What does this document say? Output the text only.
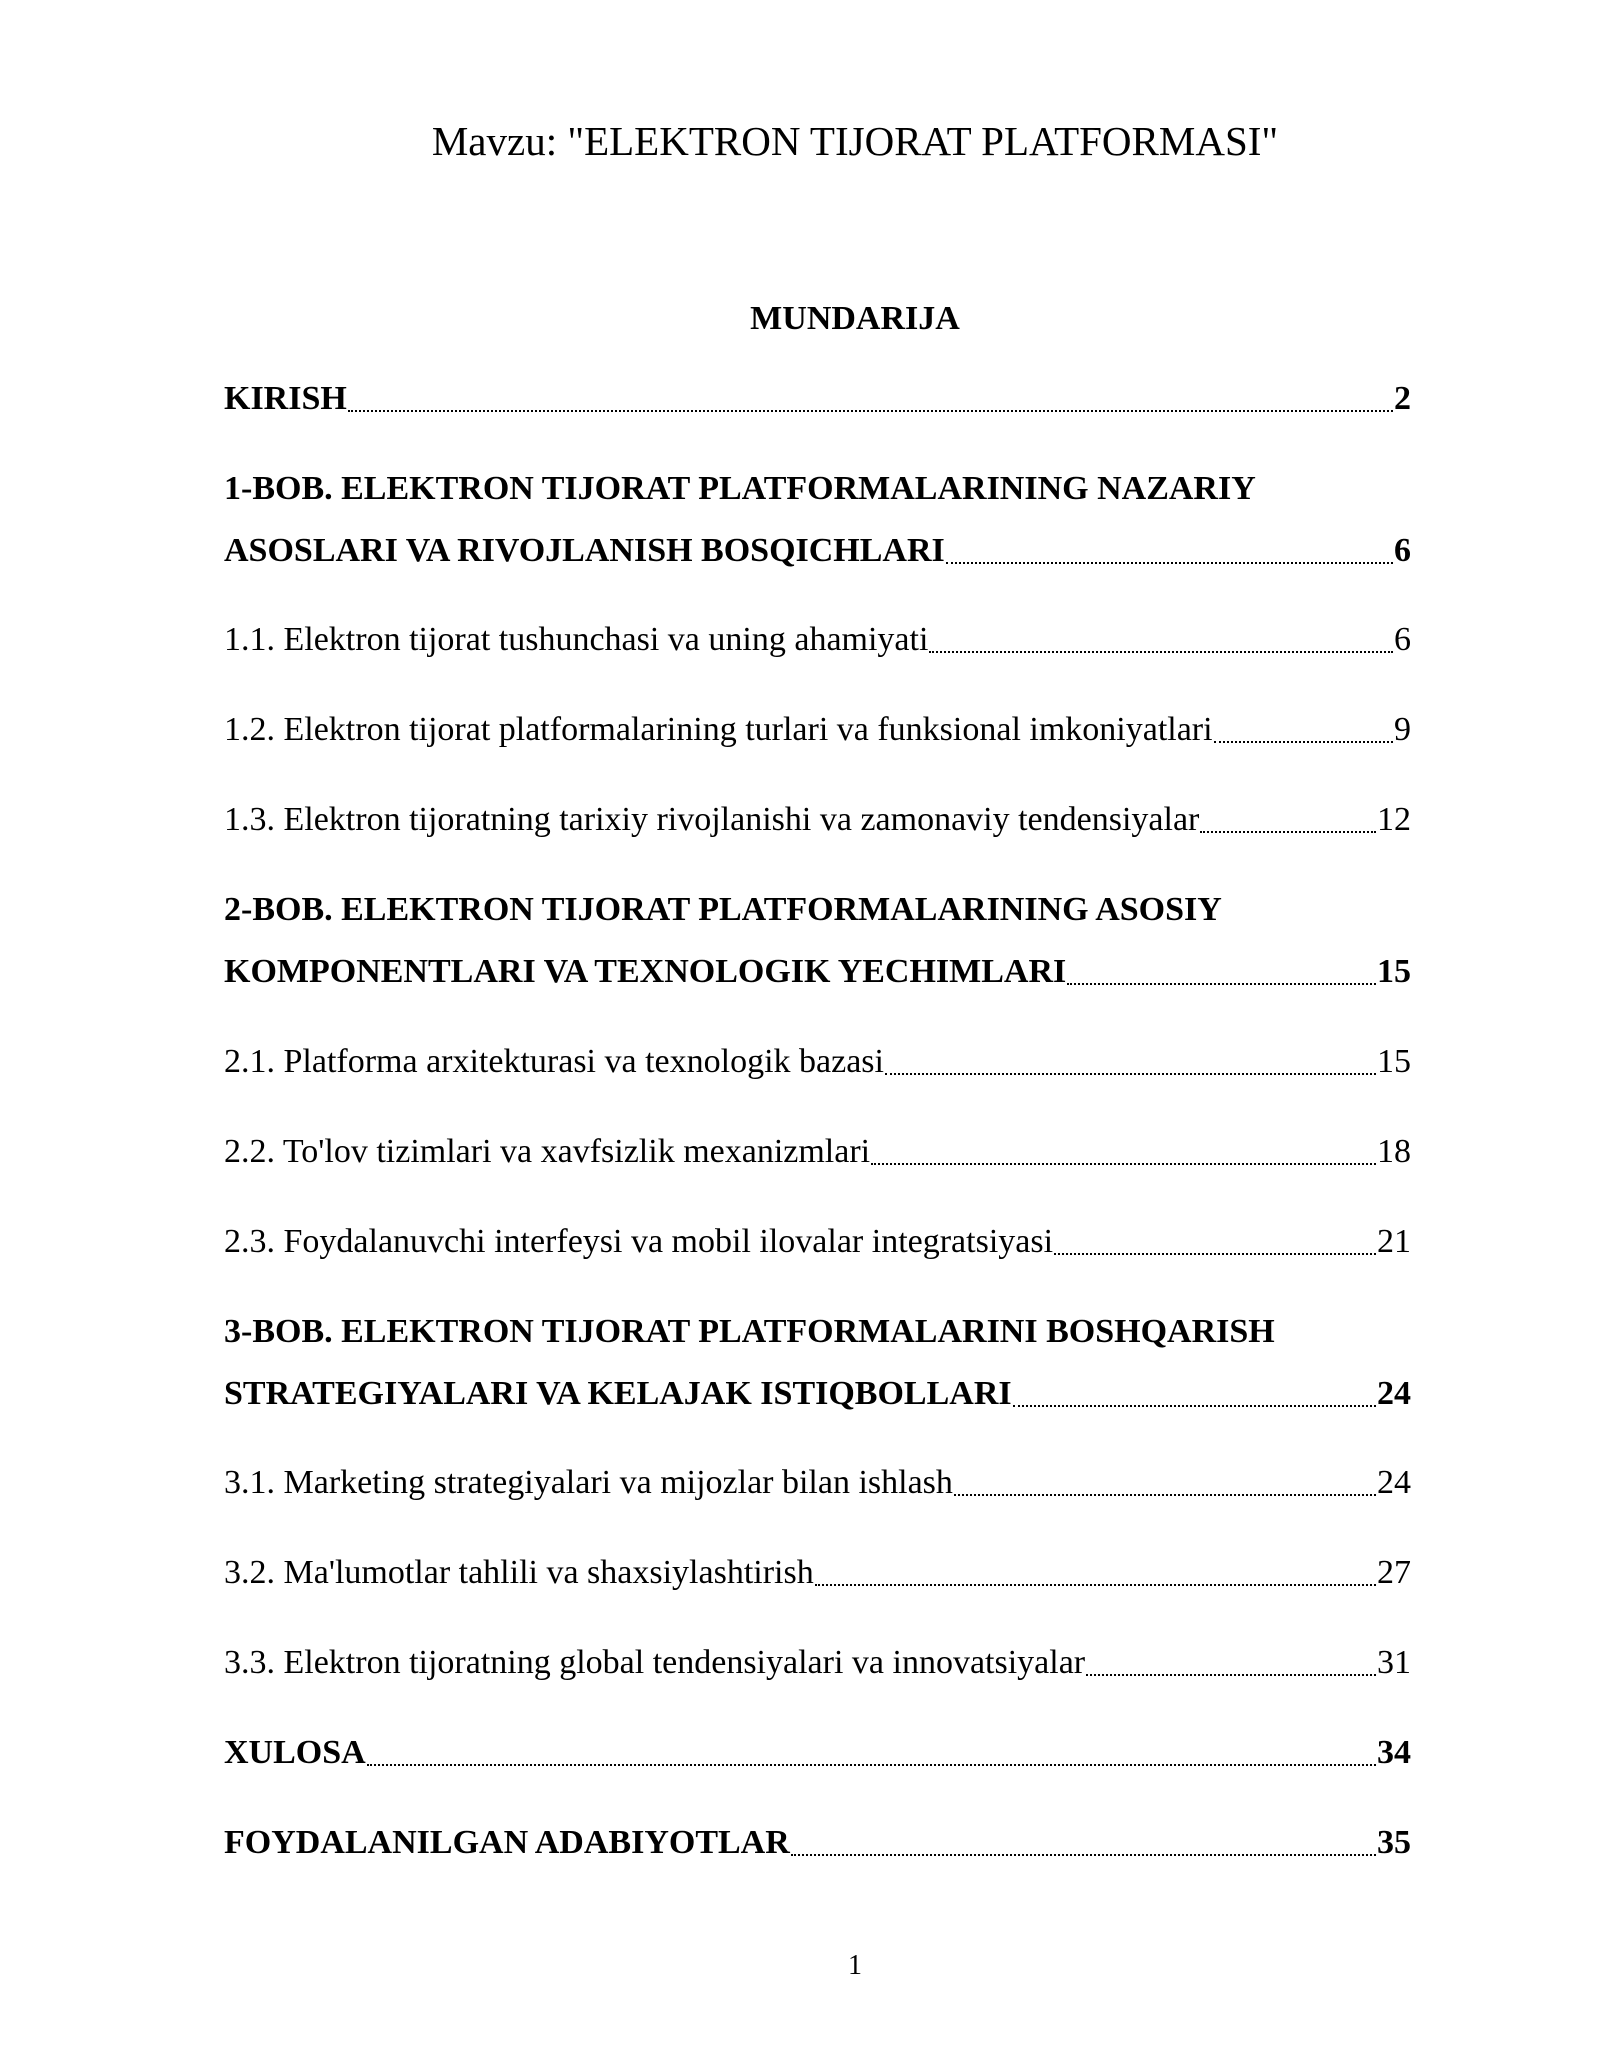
Mavzu: "ELEKTRON TIJORAT PLATFORMASI"
MUNDARIJA
KIRISH	2
1-BOB. ELEKTRON TIJORAT PLATFORMALARINING NAZARIY
ASOSLARI VA RIVOJLANISH BOSQICHLARI	6
1.1. Elektron tijorat tushunchasi va uning ahamiyati	6
1.2. Elektron tijorat platformalarining turlari va funksional imkoniyatlari	9
1.3. Elektron tijoratning tarixiy rivojlanishi va zamonaviy tendensiyalar	12
2-BOB. ELEKTRON TIJORAT PLATFORMALARINING ASOSIY
KOMPONENTLARI VA TEXNOLOGIK YECHIMLARI	15
2.1. Platforma arxitekturasi va texnologik bazasi	15
2.2. To'lov tizimlari va xavfsizlik mexanizmlari	18
2.3. Foydalanuvchi interfeysi va mobil ilovalar integratsiyasi	21
3-BOB. ELEKTRON TIJORAT PLATFORMALARINI BOSHQARISH
STRATEGIYALARI VA KELAJAK ISTIQBOLLARI	24
3.1. Marketing strategiyalari va mijozlar bilan ishlash	24
3.2. Ma'lumotlar tahlili va shaxsiylashtirish	27
3.3. Elektron tijoratning global tendensiyalari va innovatsiyalar	31
XULOSA	34
FOYDALANILGAN ADABIYOTLAR	35
1
